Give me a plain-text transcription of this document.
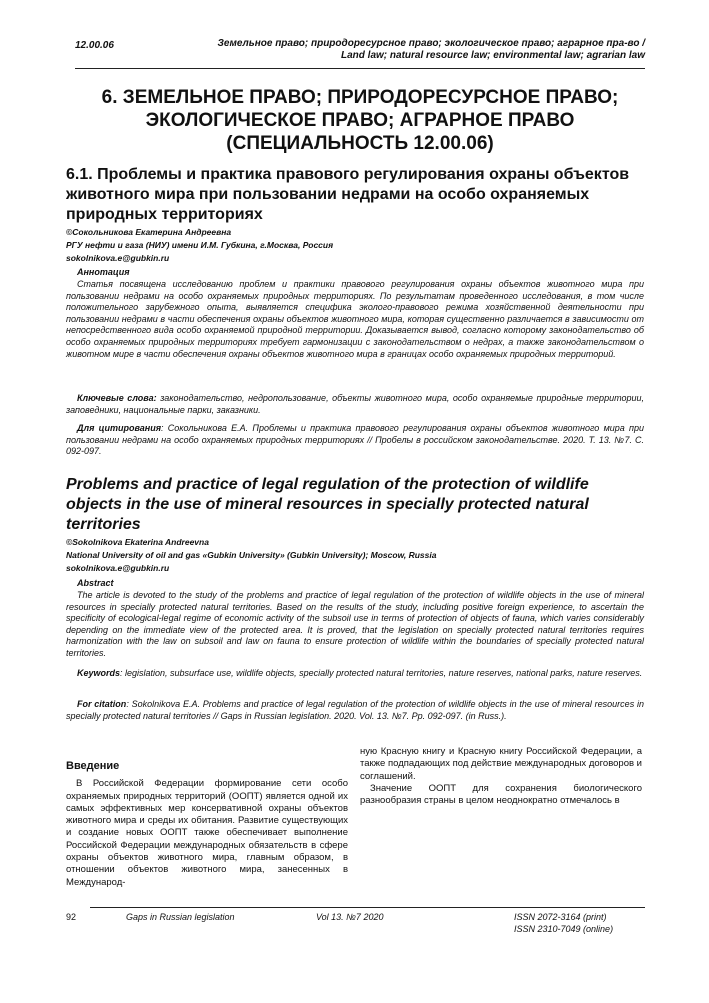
12.00.06	Земельное право; природоресурсное право; экологическое право; аграрное пра-во / Land law; natural resource law; environmental law; agrarian law
6. ЗЕМЕЛЬНОЕ ПРАВО; ПРИРОДОРЕСУРСНОЕ ПРАВО; ЭКОЛОГИЧЕСКОЕ ПРАВО; АГРАРНОЕ ПРАВО (СПЕЦИАЛЬНОСТЬ 12.00.06)
6.1. Проблемы и практика правового регулирования охраны объектов животного мира при пользовании недрами на особо охраняемых природных территориях
©Сокольникова Екатерина Андреевна
РГУ нефти и газа (НИУ) имени И.М. Губкина, г.Москва, Россия
sokolnikova.e@gubkin.ru
Аннотация
Статья посвящена исследованию проблем и практики правового регулирования охраны объектов животного мира при пользовании недрами на особо охраняемых природных территориях. По результатам проведенного исследования, в том числе положительного зарубежного опыта, выявляется специфика эколого-правового режима хозяйственной деятельности при пользовании недрами в части обеспечения охраны объектов животного мира, которая существенно различается в зависимости от непосредственного вида особо охраняемой природной территории. Доказывается вывод, согласно которому законодательство об особо охраняемых природных территориях требует гармонизации с законодательством о недрах, а также законодательством о животном мире в части обеспечения охраны объектов животного мира в границах особо охраняемых природных территорий.
Ключевые слова: законодательство, недропользование, объекты животного мира, особо охраняемые природные территории, заповедники, национальные парки, заказники.
Для цитирования: Сокольникова Е.А. Проблемы и практика правового регулирования охраны объектов животного мира при пользовании недрами на особо охраняемых природных территориях // Пробелы в российском законодательстве. 2020. Т. 13. №7. С. 092-097.
Problems and practice of legal regulation of the protection of wildlife objects in the use of mineral resources in specially protected natural territories
©Sokolnikova Ekaterina Andreevna
National University of oil and gas «Gubkin University» (Gubkin University); Moscow, Russia
sokolnikova.e@gubkin.ru
Abstract
The article is devoted to the study of the problems and practice of legal regulation of the protection of wildlife objects in the use of mineral resources in specially protected natural territories. Based on the results of the study, including positive foreign experience, to ascertain the specificity of ecological-legal regime of economic activity of the subsoil use in terms of protection of objects of fauna, which varies considerably depending on the immediate view of the protected area. It is proved, that the legislation on specially protected natural territories requires harmonization with the law on subsoil and law on fauna to ensure protection of wildlife within the boundaries of specially protected natural territories.
Keywords: legislation, subsurface use, wildlife objects, specially protected natural territories, nature reserves, national parks, nature reserves.
For citation: Sokolnikova E.A. Problems and practice of legal regulation of the protection of wildlife objects in the use of mineral resources in specially protected natural territories // Gaps in Russian legislation. 2020. Vol. 13. №7. Pp. 092-097. (in Russ.).
Введение

В Российской Федерации формирование сети особо охраняемых природных территорий (ООПТ) является одной их самых эффективных мер консервативной охраны объектов животного мира и среды их обитания. Развитие существующих и создание новых ООПТ также обеспечивает выполнение Российской Федерации международных обязательств в сфере охраны объектов животного мира, главным образом, в отношении объектов животного мира, занесенных в Международ-

ную Красную книгу и Красную книгу Российской Федерации, а также подпадающих под действие международных договоров и соглашений.

Значение ООПТ для сохранения биологического разнообразия страны в целом неоднократно отмечалось в

92	Gaps in Russian legislation	Vol 13. №7 2020	ISSN 2072-3164 (print)
ISSN 2310-7049 (online)
